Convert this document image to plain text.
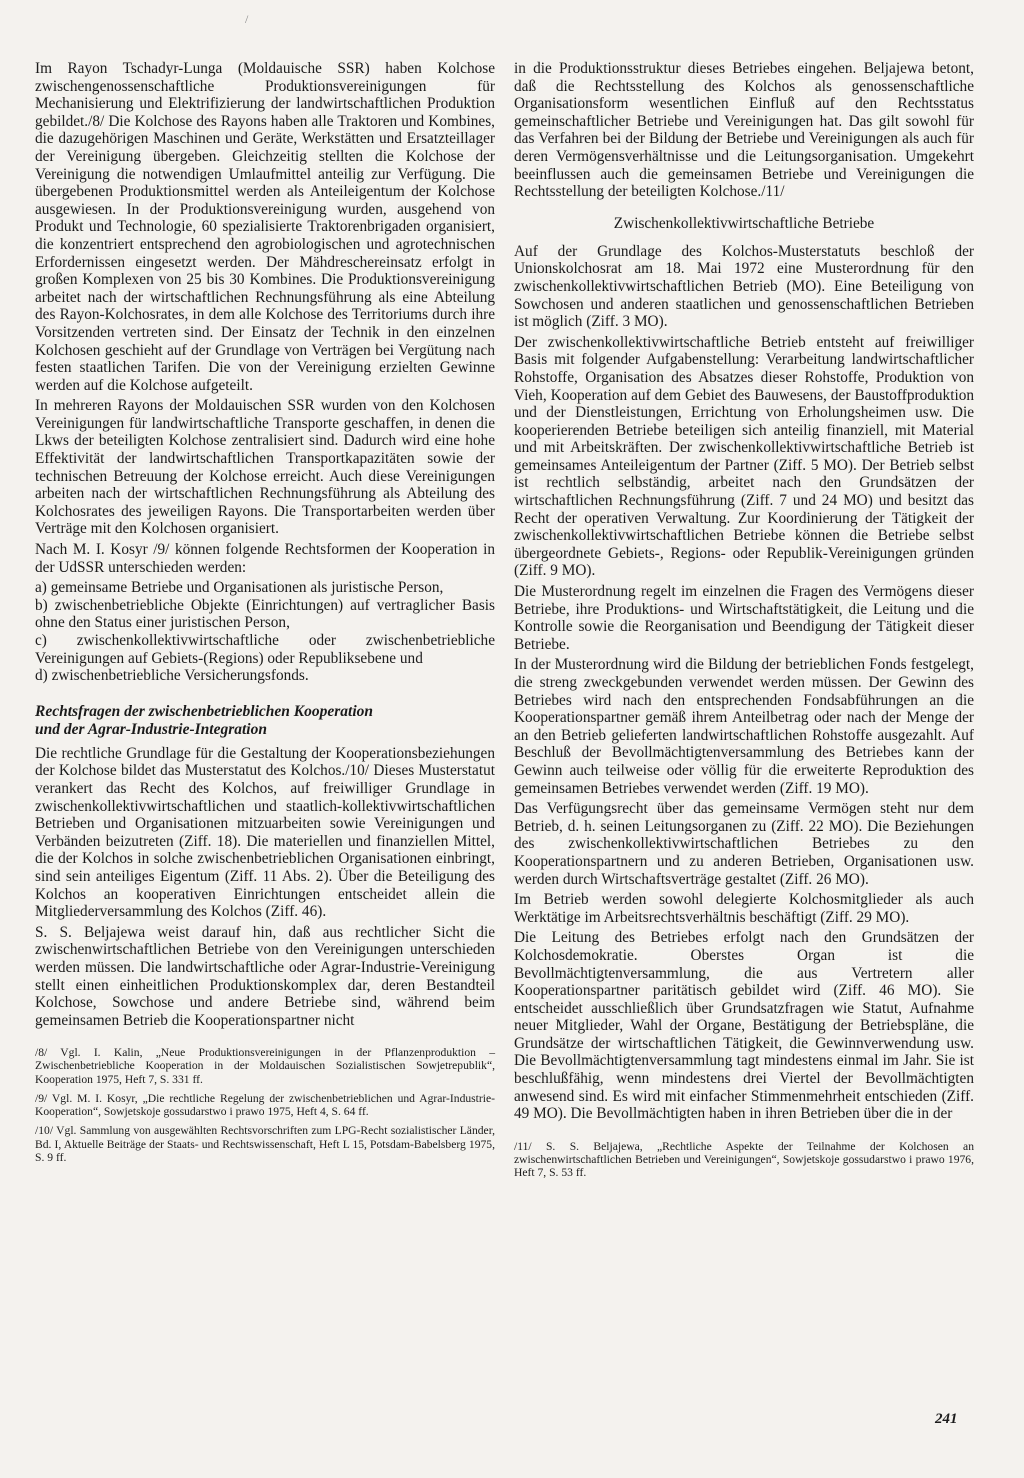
/

Im Rayon Tschadyr-Lunga (Moldauische SSR) haben Kolchose zwischengenossenschaftliche Produktionsvereinigungen für Mechanisierung und Elektrifizierung der landwirtschaftlichen Produktion gebildet./8/ Die Kolchose des Rayons haben alle Traktoren und Kombines, die dazugehörigen Maschinen und Geräte, Werkstätten und Ersatzteillager der Vereinigung übergeben. Gleichzeitig stellten die Kolchose der Vereinigung die notwendigen Umlaufmittel anteilig zur Verfügung. Die übergebenen Produktionsmittel werden als Anteileigentum der Kolchose ausgewiesen. In der Produktionsvereinigung wurden, ausgehend von Produkt und Technologie, 60 spezialisierte Traktorenbrigaden organisiert, die konzentriert entsprechend den agrobiologischen und agrotechnischen Erfordernissen eingesetzt werden. Der Mähdreschereinsatz erfolgt in großen Komplexen von 25 bis 30 Kombines. Die Produktionsvereinigung arbeitet nach der wirtschaftlichen Rechnungsführung als eine Abteilung des Rayon-Kolchosrates, in dem alle Kolchose des Territoriums durch ihre Vorsitzenden vertreten sind. Der Einsatz der Technik in den einzelnen Kolchosen geschieht auf der Grundlage von Verträgen bei Vergütung nach festen staatlichen Tarifen. Die von der Vereinigung erzielten Gewinne werden auf die Kolchose aufgeteilt.

In mehreren Rayons der Moldauischen SSR wurden von den Kolchosen Vereinigungen für landwirtschaftliche Transporte geschaffen, in denen die Lkws der beteiligten Kolchose zentralisiert sind. Dadurch wird eine hohe Effektivität der landwirtschaftlichen Transportkapazitäten sowie der technischen Betreuung der Kolchose erreicht. Auch diese Vereinigungen arbeiten nach der wirtschaftlichen Rechnungsführung als Abteilung des Kolchosrates des jeweiligen Rayons. Die Transportarbeiten werden über Verträge mit den Kolchosen organisiert.

Nach M. I. Kosyr /9/ können folgende Rechtsformen der Kooperation in der UdSSR unterschieden werden:

a) gemeinsame Betriebe und Organisationen als juristische Person,

b) zwischenbetriebliche Objekte (Einrichtungen) auf vertraglicher Basis ohne den Status einer juristischen Person,

c) zwischenkollektivwirtschaftliche oder zwischenbetriebliche Vereinigungen auf Gebiets-(Regions) oder Republiksebene und

d) zwischenbetriebliche Versicherungsfonds.

Rechtsfragen der zwischenbetrieblichen Kooperation
und der Agrar-Industrie-Integration

Die rechtliche Grundlage für die Gestaltung der Kooperationsbeziehungen der Kolchose bildet das Musterstatut des Kolchos./10/ Dieses Musterstatut verankert das Recht des Kolchos, auf freiwilliger Grundlage in zwischenkollektivwirtschaftlichen und staatlich-kollektivwirtschaftlichen Betrieben und Organisationen mitzuarbeiten sowie Vereinigungen und Verbänden beizutreten (Ziff. 18). Die materiellen und finanziellen Mittel, die der Kolchos in solche zwischenbetrieblichen Organisationen einbringt, sind sein anteiliges Eigentum (Ziff. 11 Abs. 2). Über die Beteiligung des Kolchos an kooperativen Einrichtungen entscheidet allein die Mitgliederversammlung des Kolchos (Ziff. 46).

S. S. Beljajewa weist darauf hin, daß aus rechtlicher Sicht die zwischenwirtschaftlichen Betriebe von den Vereinigungen unterschieden werden müssen. Die landwirtschaftliche oder Agrar-Industrie-Vereinigung stellt einen einheitlichen Produktionskomplex dar, deren Bestandteil Kolchose, Sowchose und andere Betriebe sind, während beim gemeinsamen Betrieb die Kooperationspartner nicht

/8/ Vgl. I. Kalin, „Neue Produktionsvereinigungen in der Pflanzenproduktion – Zwischenbetriebliche Kooperation in der Moldauischen Sozialistischen Sowjetrepublik“, Kooperation 1975, Heft 7, S. 331 ff.

/9/ Vgl. M. I. Kosyr, „Die rechtliche Regelung der zwischenbetrieblichen und Agrar-Industrie-Kooperation“, Sowjetskoje gossudarstwo i prawo 1975, Heft 4, S. 64 ff.

/10/ Vgl. Sammlung von ausgewählten Rechtsvorschriften zum LPG-Recht sozialistischer Länder, Bd. I, Aktuelle Beiträge der Staats- und Rechtswissenschaft, Heft L 15, Potsdam-Babelsberg 1975, S. 9 ff.

in die Produktionsstruktur dieses Betriebes eingehen. Beljajewa betont, daß die Rechtsstellung des Kolchos als genossenschaftliche Organisationsform wesentlichen Einfluß auf den Rechtsstatus gemeinschaftlicher Betriebe und Vereinigungen hat. Das gilt sowohl für das Verfahren bei der Bildung der Betriebe und Vereinigungen als auch für deren Vermögensverhältnisse und die Leitungsorganisation. Umgekehrt beeinflussen auch die gemeinsamen Betriebe und Vereinigungen die Rechtsstellung der beteiligten Kolchose./11/

Zwischenkollektivwirtschaftliche Betriebe

Auf der Grundlage des Kolchos-Musterstatuts beschloß der Unionskolchosrat am 18. Mai 1972 eine Musterordnung für den zwischenkollektivwirtschaftlichen Betrieb (MO). Eine Beteiligung von Sowchosen und anderen staatlichen und genossenschaftlichen Betrieben ist möglich (Ziff. 3 MO).

Der zwischenkollektivwirtschaftliche Betrieb entsteht auf freiwilliger Basis mit folgender Aufgabenstellung: Verarbeitung landwirtschaftlicher Rohstoffe, Organisation des Absatzes dieser Rohstoffe, Produktion von Vieh, Kooperation auf dem Gebiet des Bauwesens, der Baustoffproduktion und der Dienstleistungen, Errichtung von Erholungsheimen usw. Die kooperierenden Betriebe beteiligen sich anteilig finanziell, mit Material und mit Arbeitskräften. Der zwischenkollektivwirtschaftliche Betrieb ist gemeinsames Anteileigentum der Partner (Ziff. 5 MO). Der Betrieb selbst ist rechtlich selbständig, arbeitet nach den Grundsätzen der wirtschaftlichen Rechnungsführung (Ziff. 7 und 24 MO) und besitzt das Recht der operativen Verwaltung. Zur Koordinierung der Tätigkeit der zwischenkollektivwirtschaftlichen Betriebe können die Betriebe selbst übergeordnete Gebiets-, Regions- oder Republik-Vereinigungen gründen (Ziff. 9 MO).

Die Musterordnung regelt im einzelnen die Fragen des Vermögens dieser Betriebe, ihre Produktions- und Wirtschaftstätigkeit, die Leitung und die Kontrolle sowie die Reorganisation und Beendigung der Tätigkeit dieser Betriebe.

In der Musterordnung wird die Bildung der betrieblichen Fonds festgelegt, die streng zweckgebunden verwendet werden müssen. Der Gewinn des Betriebes wird nach den entsprechenden Fondsabführungen an die Kooperationspartner gemäß ihrem Anteilbetrag oder nach der Menge der an den Betrieb gelieferten landwirtschaftlichen Rohstoffe ausgezahlt. Auf Beschluß der Bevollmächtigtenversammlung des Betriebes kann der Gewinn auch teilweise oder völlig für die erweiterte Reproduktion des gemeinsamen Betriebes verwendet werden (Ziff. 19 MO).

Das Verfügungsrecht über das gemeinsame Vermögen steht nur dem Betrieb, d. h. seinen Leitungsorganen zu (Ziff. 22 MO). Die Beziehungen des zwischenkollektivwirtschaftlichen Betriebes zu den Kooperationspartnern und zu anderen Betrieben, Organisationen usw. werden durch Wirtschaftsverträge gestaltet (Ziff. 26 MO).

Im Betrieb werden sowohl delegierte Kolchosmitglieder als auch Werktätige im Arbeitsrechtsverhältnis beschäftigt (Ziff. 29 MO).

Die Leitung des Betriebes erfolgt nach den Grundsätzen der Kolchosdemokratie. Oberstes Organ ist die Bevollmächtigtenversammlung, die aus Vertretern aller Kooperationspartner paritätisch gebildet wird (Ziff. 46 MO). Sie entscheidet ausschließlich über Grundsatzfragen wie Statut, Aufnahme neuer Mitglieder, Wahl der Organe, Bestätigung der Betriebspläne, die Grundsätze der wirtschaftlichen Tätigkeit, die Gewinnverwendung usw. Die Bevollmächtigtenversammlung tagt mindestens einmal im Jahr. Sie ist beschlußfähig, wenn mindestens drei Viertel der Bevollmächtigten anwesend sind. Es wird mit einfacher Stimmenmehrheit entschieden (Ziff. 49 MO). Die Bevollmächtigten haben in ihren Betrieben über die in der

/11/ S. S. Beljajewa, „Rechtliche Aspekte der Teilnahme der Kolchosen an zwischenwirtschaftlichen Betrieben und Vereinigungen“, Sowjetskoje gossudarstwo i prawo 1976, Heft 7, S. 53 ff.

241
